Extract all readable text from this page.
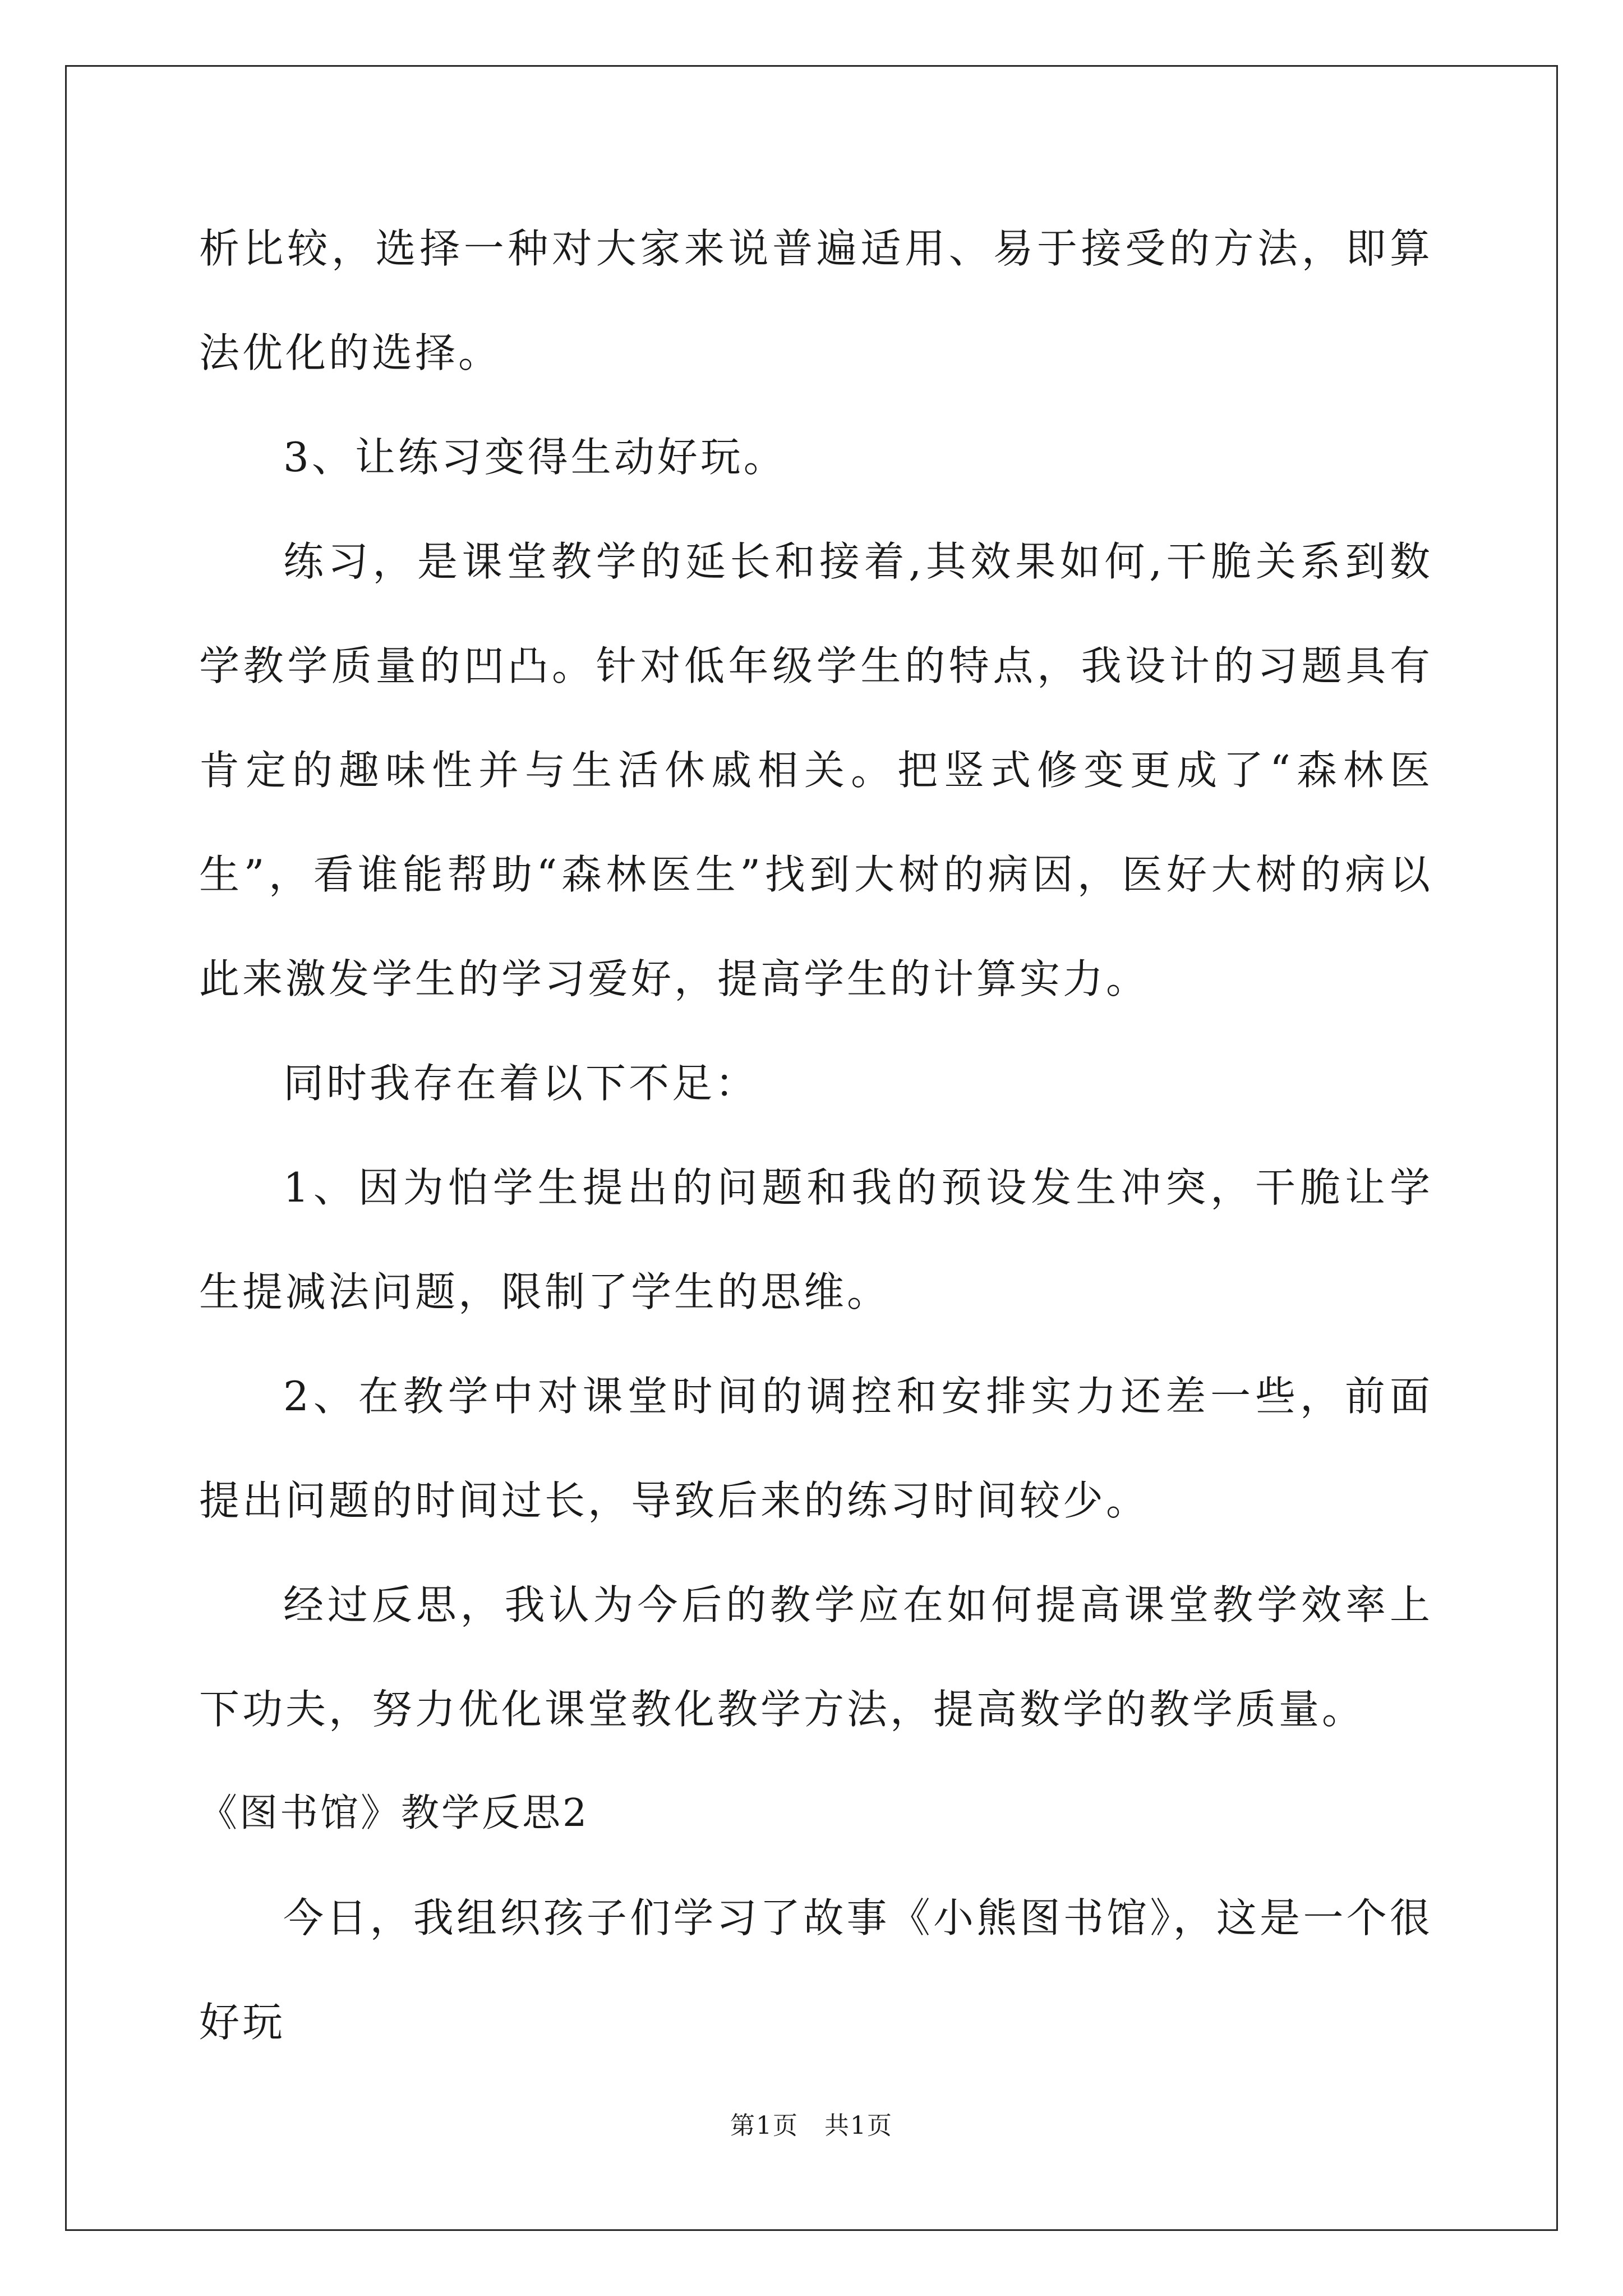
析比较，选择一种对大家来说普遍适用、易于接受的方法，即算法优化的选择。

3、让练习变得生动好玩。

练习，是课堂教学的延长和接着,其效果如何,干脆关系到数学教学质量的凹凸。针对低年级学生的特点，我设计的习题具有肯定的趣味性并与生活休戚相关。把竖式修变更成了“森林医生”，看谁能帮助“森林医生”找到大树的病因，医好大树的病以此来激发学生的学习爱好，提高学生的计算实力。

同时我存在着以下不足：

1、因为怕学生提出的问题和我的预设发生冲突，干脆让学生提减法问题，限制了学生的思维。

2、在教学中对课堂时间的调控和安排实力还差一些，前面提出问题的时间过长，导致后来的练习时间较少。

经过反思，我认为今后的教学应在如何提高课堂教学效率上下功夫，努力优化课堂教化教学方法，提高数学的教学质量。

《图书馆》教学反思2

今日，我组织孩子们学习了故事《小熊图书馆》，这是一个很好玩

第1页　共1页
